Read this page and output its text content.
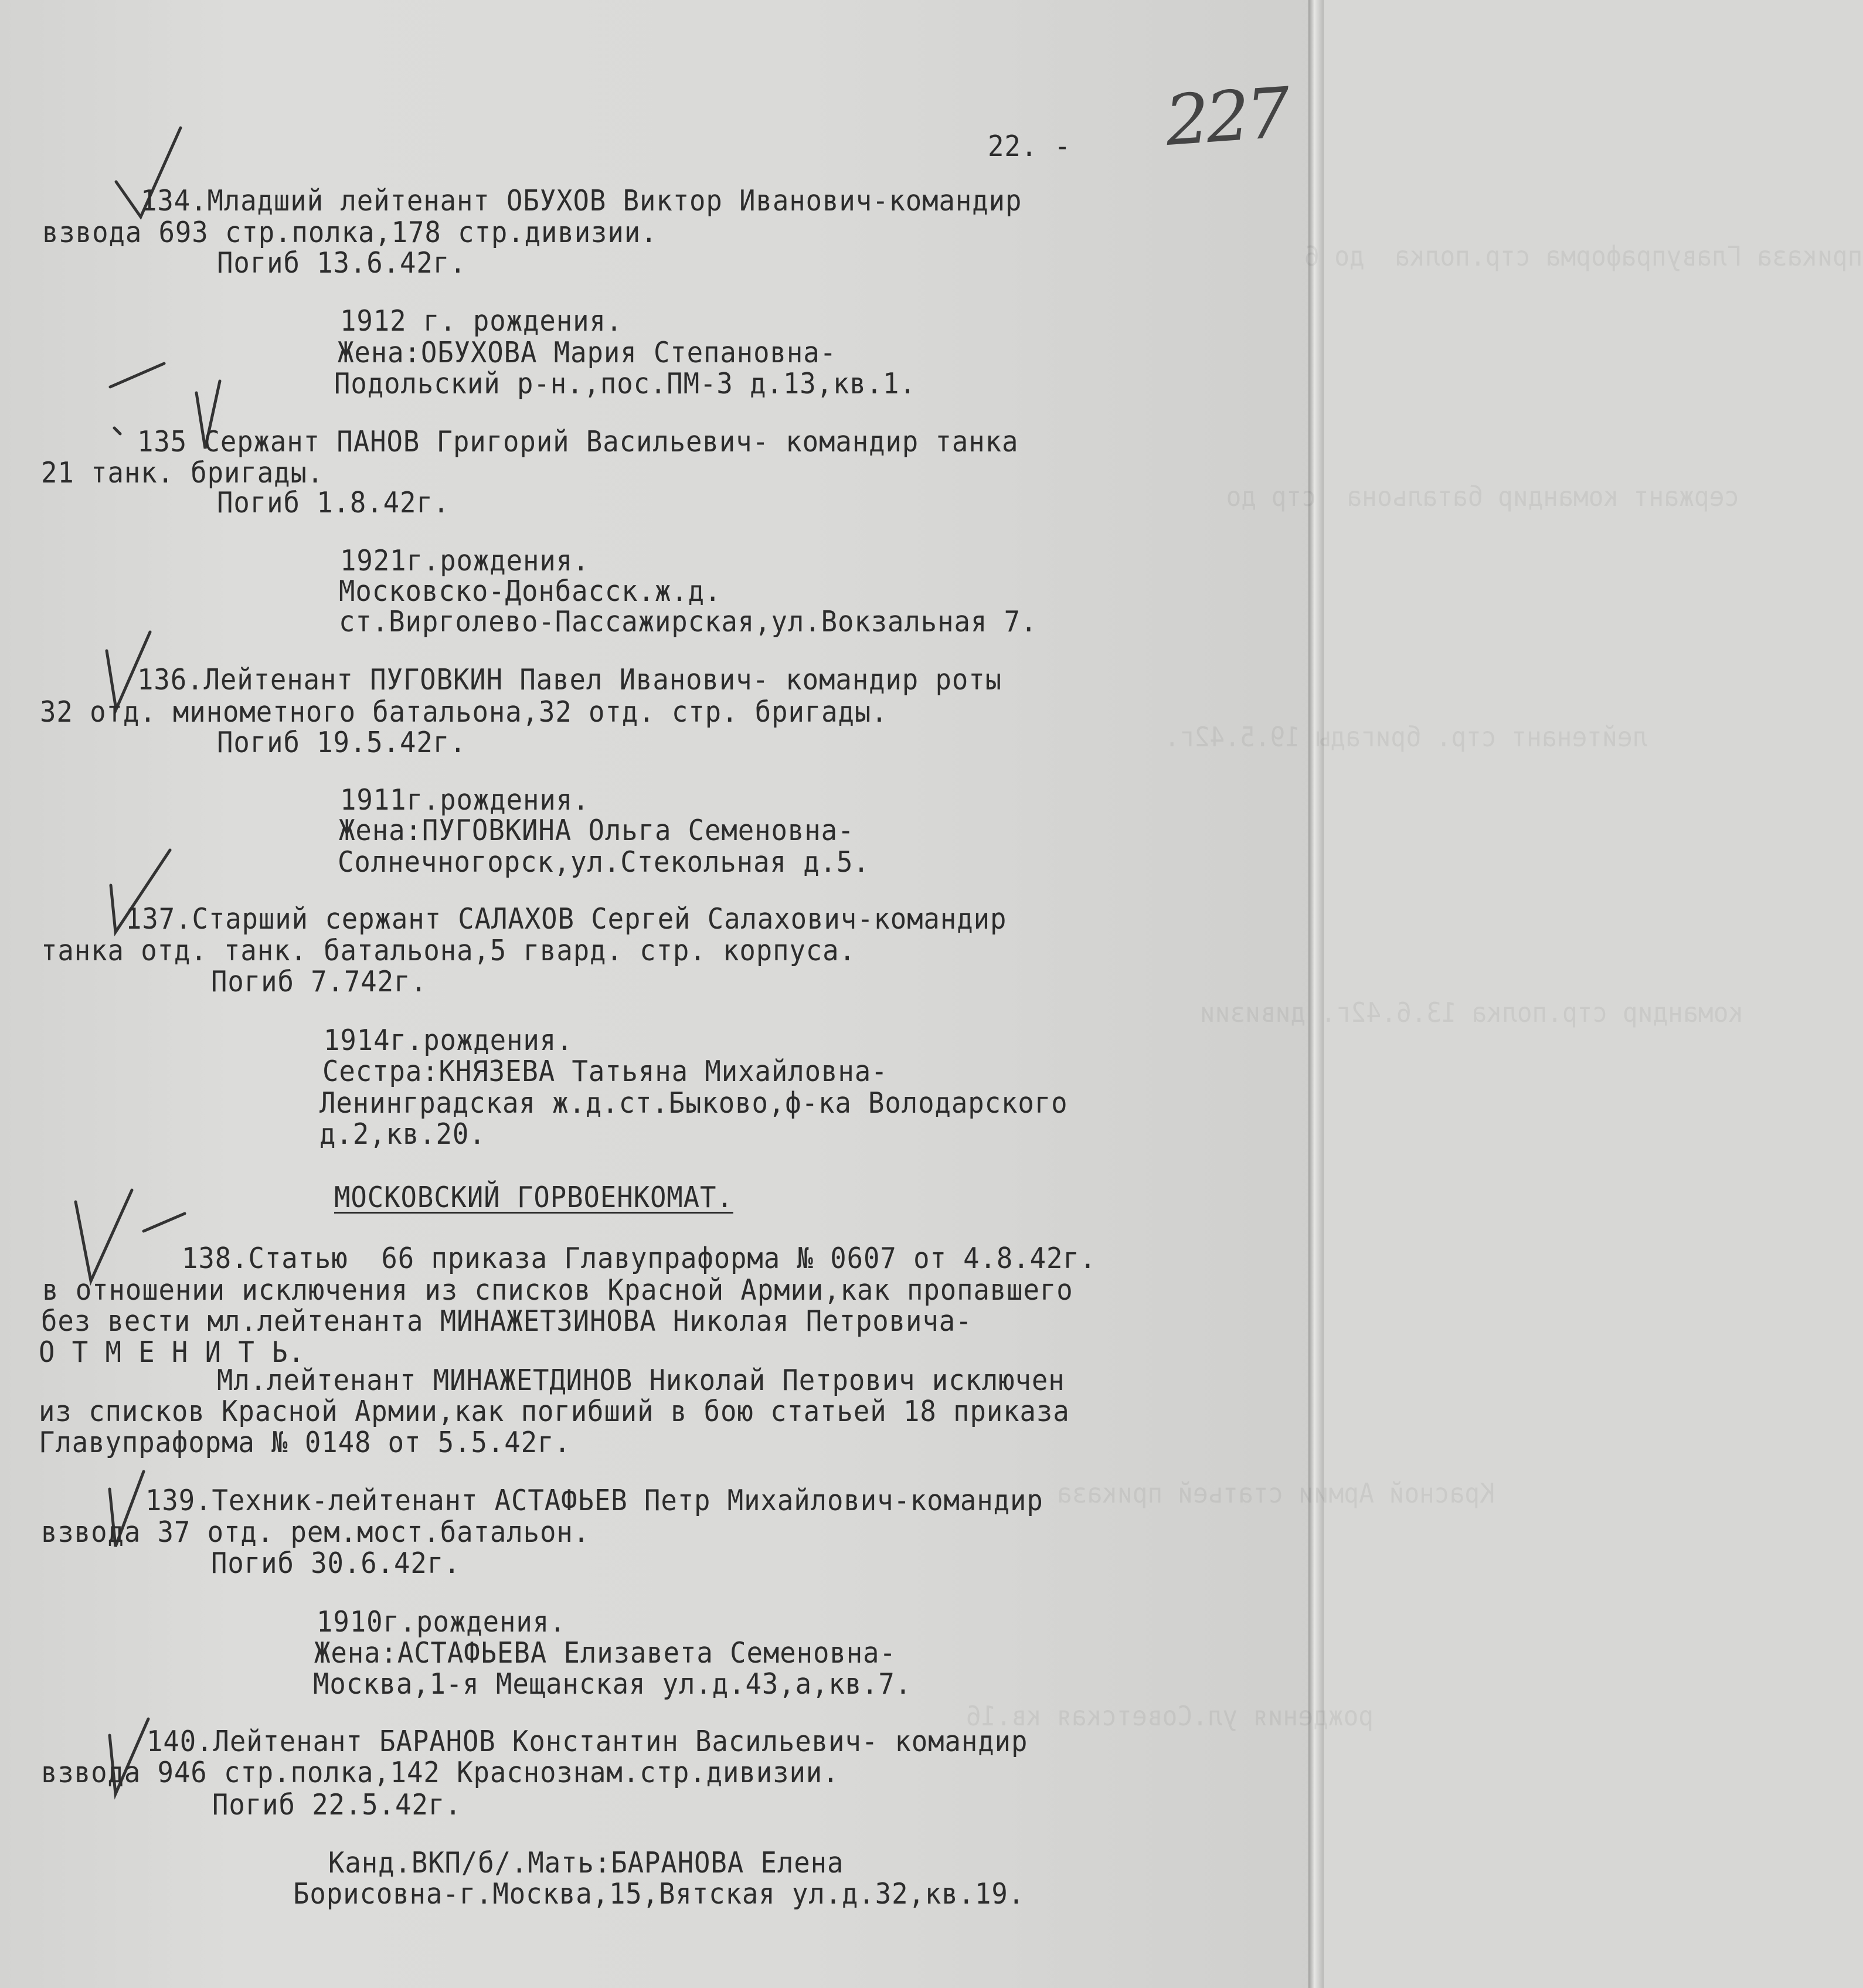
приказа Главупраформа стр.полка  до 6
сержант командир батальона  стр до
лейтенант стр. бригады 19.5.42г.
командир стр.полка 13.6.42г. дивизии
Красной Армии статьей приказа
рождения ул.Советская кв.16
227
22. -
134.Младший лейтенант ОБУХОВ Виктор Иванович-командир
взвода 693 стр.полка,178 стр.дивизии.
Погиб 13.6.42г.
1912 г. рождения.
Жена:ОБУХОВА Мария Степановна-
Подольский р-н.,пос.ПМ-3 д.13,кв.1.
135 Сержант ПАНОВ Григорий Васильевич- командир танка
21 танк. бригады.
Погиб 1.8.42г.
1921г.рождения.
Московско-Донбасск.ж.д.
ст.Вирголево-Пассажирская,ул.Вокзальная 7.
136.Лейтенант ПУГОВКИН Павел Иванович- командир роты
32 отд. минометного батальона,32 отд. стр. бригады.
Погиб 19.5.42г.
1911г.рождения.
Жена:ПУГОВКИНА Ольга Семеновна-
Солнечногорск,ул.Стекольная д.5.
137.Старший сержант САЛАХОВ Сергей Салахович-командир
танка отд. танк. батальона,5 гвард. стр. корпуса.
Погиб 7.742г.
1914г.рождения.
Сестра:КНЯЗЕВА Татьяна Михайловна-
Ленинградская ж.д.ст.Быково,ф-ка Володарского
д.2,кв.20.
МОСКОВСКИЙ ГОРВОЕНКОМАТ.
138.Статью  66 приказа Главупраформа № 0607 от 4.8.42г.
в отношении исключения из списков Красной Армии,как пропавшего
без вести мл.лейтенанта МИНАЖЕТЗИНОВА Николая Петровича-
О Т М Е Н И Т Ь.
Мл.лейтенант МИНАЖЕТДИНОВ Николай Петрович исключен
из списков Красной Армии,как погибший в бою статьей 18 приказа
Главупраформа № 0148 от 5.5.42г.
139.Техник-лейтенант АСТАФЬЕВ Петр Михайлович-командир
взвода 37 отд. рем.мост.батальон.
Погиб 30.6.42г.
1910г.рождения.
Жена:АСТАФЬЕВА Елизавета Семеновна-
Москва,1-я Мещанская ул.д.43,а,кв.7.
140.Лейтенант БАРАНОВ Константин Васильевич- командир
взвода 946 стр.полка,142 Краснознам.стр.дивизии.
Погиб 22.5.42г.
Канд.ВКП/б/.Мать:БАРАНОВА Елена
Борисовна-г.Москва,15,Вятская ул.д.32,кв.19.
